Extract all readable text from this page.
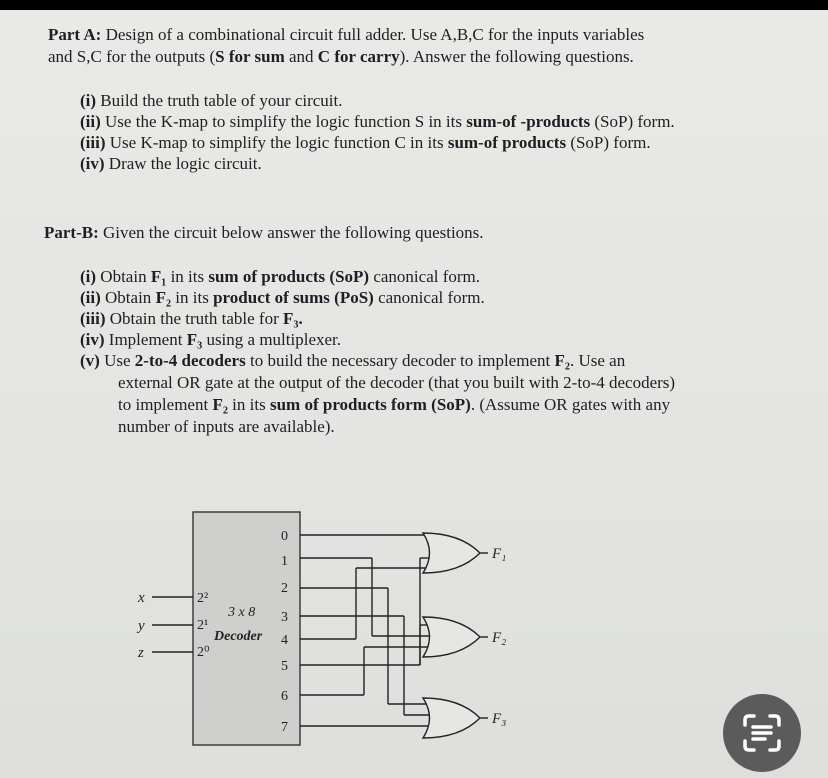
Part A: Design of a combinational circuit full adder. Use A,B,C for the inputs variables
and S,C for the outputs (S for sum and C for carry). Answer the following questions.
(i) Build the truth table of your circuit.
(ii) Use the K-map to simplify the logic function S in its sum-of -products (SoP) form.
(iii) Use K-map to simplify the logic function C in its sum-of products (SoP) form.
(iv) Draw the logic circuit.
Part-B: Given the circuit below answer the following questions.
(i) Obtain F₁ in its sum of products (SoP) canonical form.
(ii) Obtain F₂ in its product of sums (PoS) canonical form.
(iii) Obtain the truth table for F₃.
(iv) Implement F₃ using a multiplexer.
(v) Use 2-to-4 decoders to build the necessary decoder to implement F₂. Use an
external OR gate at the output of the decoder (that you built with 2-to-4 decoders)
to implement F₂ in its sum of products form (SoP). (Assume OR gates with any
number of inputs are available).
x
y
z
2²
2¹
2⁰
3 x 8
Decoder
0
1
2
3
4
5
6
7
F₁
F₂
F₃
